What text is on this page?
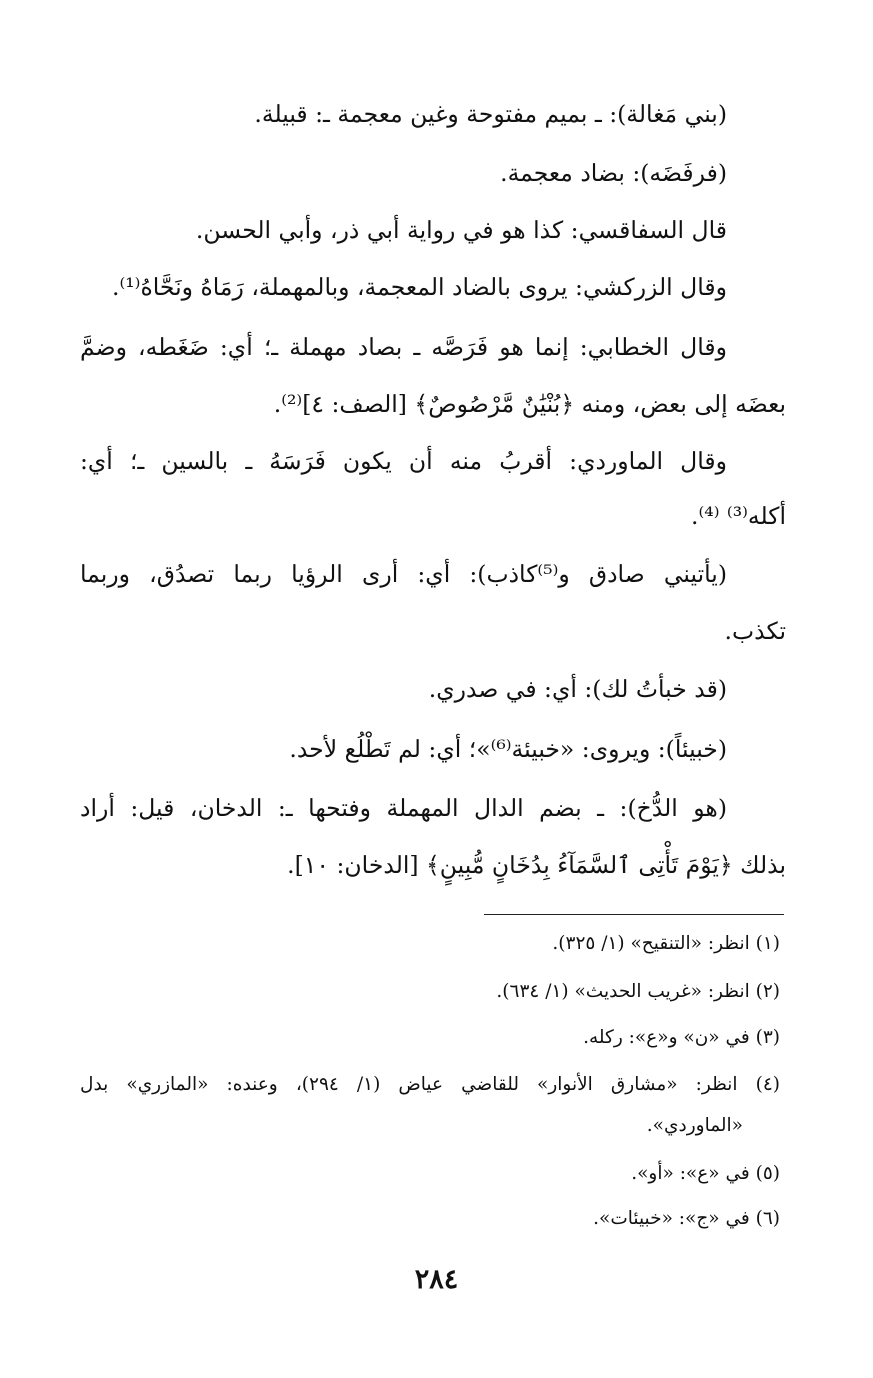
(بني مَغالة): ـ بميم مفتوحة وغين معجمة ـ: قبيلة.
(فرفَضَه): بضاد معجمة.
قال السفاقسي: كذا هو في رواية أبي ذر، وأبي الحسن.
وقال الزركشي: يروى بالضاد المعجمة، وبالمهملة، رَمَاهُ ونَحَّاهُ⁽¹⁾.
وقال الخطابي: إنما هو فَرَصَّه ـ بصاد مهملة ـ؛ أي: ضَغَطه، وضمَّ
بعضَه إلى بعض، ومنه ﴿بُنْيَٰنٌ مَّرْصُوصٌ﴾ [الصف: ٤]⁽²⁾.
وقال الماوردي: أقربُ منه أن يكون فَرَسَهُ ـ بالسين ـ؛ أي:
أكله⁽³⁾ ⁽⁴⁾.
(يأتيني صادق و⁽⁵⁾كاذب): أي: أرى الرؤيا ربما تصدُق، وربما
تكذب.
(قد خبأتُ لك): أي: في صدري.
(خبيئاً): ويروى: «خبيئة⁽⁶⁾»؛ أي: لم تَطْلُع لأحد.
(هو الدُّخ): ـ بضم الدال المهملة وفتحها ـ: الدخان، قيل: أراد
بذلك ﴿يَوْمَ تَأْتِى ٱلسَّمَآءُ بِدُخَانٍ مُّبِينٍ﴾ [الدخان: ١٠].
(١) انظر: «التنقيح» (١/ ٣٢٥).
(٢) انظر: «غريب الحديث» (١/ ٦٣٤).
(٣) في «ن» و«ع»: ركله.
(٤) انظر: «مشارق الأنوار» للقاضي عياض (١/ ٢٩٤)، وعنده: «المازري» بدل
«الماوردي».
(٥) في «ع»: «أو».
(٦) في «ج»: «خبيئات».
٢٨٤
